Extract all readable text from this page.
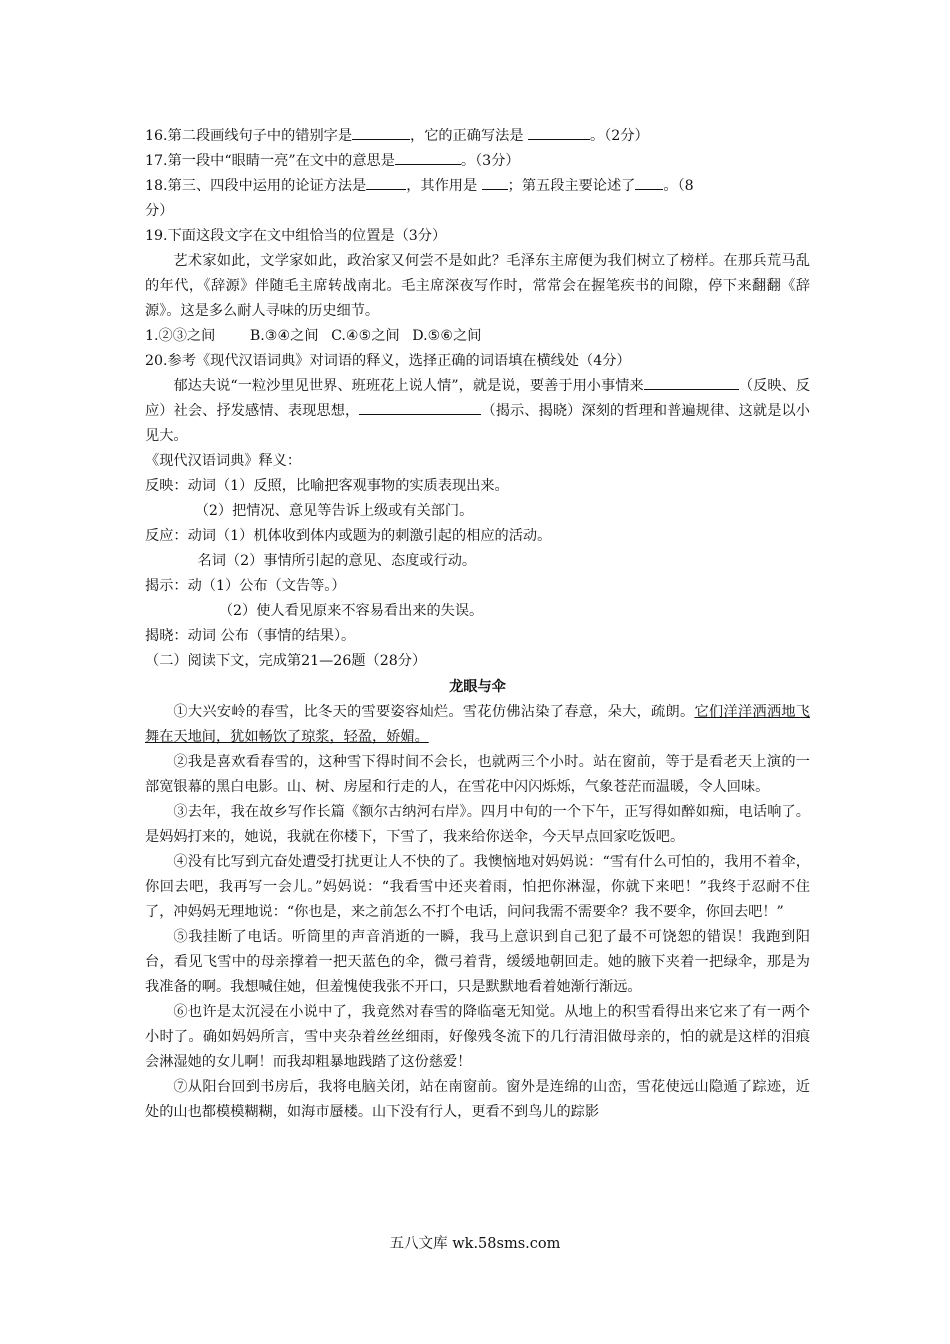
16.第二段画线句子中的错别字是	，它的正确写法是	。（2分）
17.第一段中“眼睛一亮”在文中的意思是	。（3分）
18.第三、四段中运用的论证方法是	，其作用是 ；第五段主要论述了 。（8
分）
19.下面这段文字在文中组恰当的位置是（3分）
艺术家如此，文学家如此，政治家又何尝不是如此？毛泽东主席便为我们树立了榜样。在那兵荒马乱的年代，《辞源》伴随毛主席转战南北。毛主席深夜写作时，常常会在握笔疾书的间隙，停下来翻翻《辞源》。这是多么耐人寻味的历史细节。
1.②③之间 B.③④之间 C.④⑤之间 D.⑤⑥之间
20.参考《现代汉语词典》对词语的释义，选择正确的词语填在横线处（4分）
郁达夫说“一粒沙里见世界、班班花上说人情”，就是说，要善于用小事情来	（反映、反应）社会、抒发感情、表现思想，	（揭示、揭晓）深刻的哲理和普遍规律、这就是以小见大。
《现代汉语词典》释义：
反映：动词（1）反照，比喻把客观事物的实质表现出来。
（2）把情况、意见等告诉上级或有关部门。
反应：动词（1）机体收到体内或题为的刺激引起的相应的活动。
名词（2）事情所引起的意见、态度或行动。
揭示：动（1）公布（文告等。）
（2）使人看见原来不容易看出来的失误。
揭晓：动词 公布（事情的结果）。
（二）阅读下文，完成第21—26题（28分）
龙眼与伞
①大兴安岭的春雪，比冬天的雪要姿容灿烂。雪花仿佛沾染了春意，朵大，疏朗。它们洋洋洒洒地飞舞在天地间，犹如畅饮了琼浆，轻盈，娇媚。
②我是喜欢看春雪的，这种雪下得时间不会长，也就两三个小时。站在窗前，等于是看老天上演的一部宽银幕的黑白电影。山、树、房屋和行走的人，在雪花中闪闪烁烁，气象苍茫而温暖，令人回味。
③去年，我在故乡写作长篇《额尔古纳河右岸》。四月中旬的一个下午，正写得如醉如痴，电话响了。是妈妈打来的，她说，我就在你楼下，下雪了，我来给你送伞，今天早点回家吃饭吧。
④没有比写到亢奋处遭受打扰更让人不快的了。我懊恼地对妈妈说：“雪有什么可怕的，我用不着伞，你回去吧，我再写一会儿。”妈妈说：“我看雪中还夹着雨，怕把你淋湿，你就下来吧！”我终于忍耐不住了，冲妈妈无理地说：“你也是，来之前怎么不打个电话，问问我需不需要伞？我不要伞，你回去吧！”
⑤我挂断了电话。听筒里的声音消逝的一瞬，我马上意识到自己犯了最不可饶恕的错误！我跑到阳台，看见飞雪中的母亲撑着一把天蓝色的伞，微弓着背，缓缓地朝回走。她的腋下夹着一把绿伞，那是为我准备的啊。我想喊住她，但羞愧使我张不开口，只是默默地看着她渐行渐远。
⑥也许是太沉浸在小说中了，我竟然对春雪的降临毫无知觉。从地上的积雪看得出来它来了有一两个小时了。确如妈妈所言，雪中夹杂着丝丝细雨，好像残冬流下的几行清泪做母亲的，怕的就是这样的泪痕会淋湿她的女儿啊！而我却粗暴地践踏了这份慈爱！
⑦从阳台回到书房后，我将电脑关闭，站在南窗前。窗外是连绵的山峦，雪花使远山隐遁了踪迹，近处的山也都模模糊糊，如海市蜃楼。山下没有行人，更看不到鸟儿的踪影
五八文库 wk.58sms.com
